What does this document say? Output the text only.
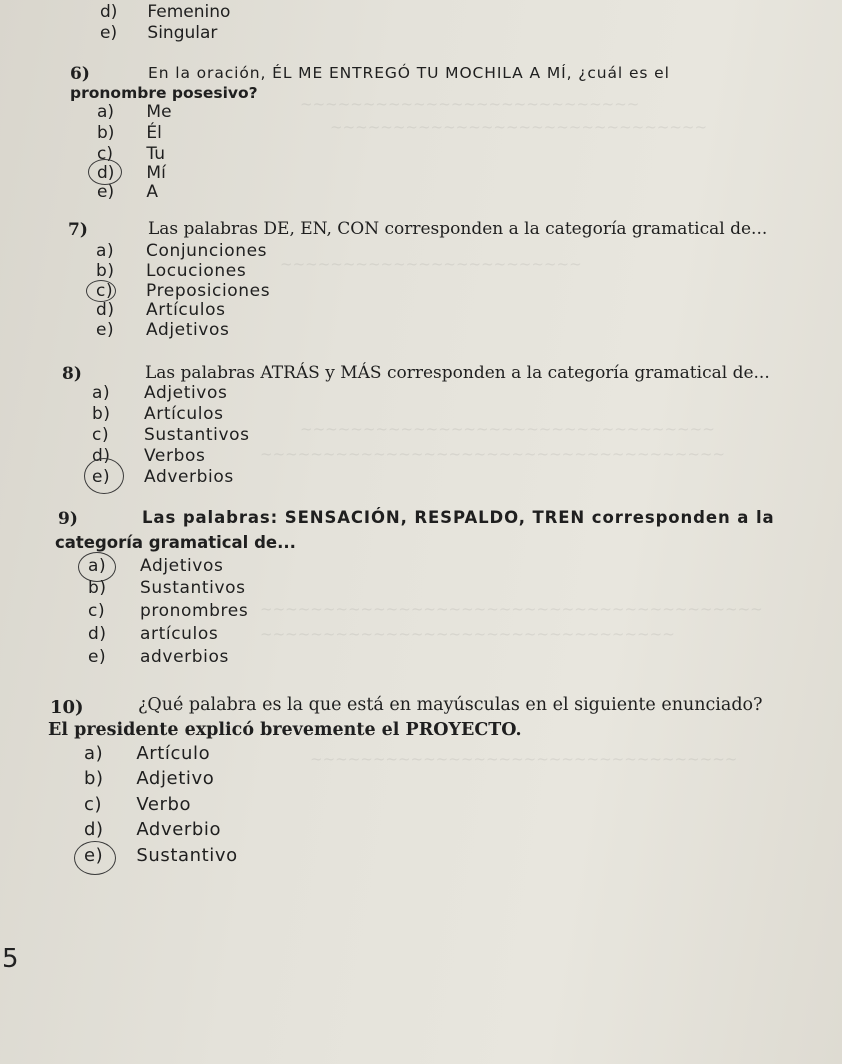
~~~~~~~~~~~~~~~~~~~~~~~~~~~
~~~~~~~~~~~~~~~~~~~~~~~~~~~~~~
~~~~~~~~~~~~~~~~~~~~~~~~
~~~~~~~~~~~~~~~~~~~~~~~~~~~~~~~~~
~~~~~~~~~~~~~~~~~~~~~~~~~~~~~~~~~~~~~
~~~~~~~~~~~~~~~~~~~~~~~~~~~~~~~~~~~~~~~~
~~~~~~~~~~~~~~~~~~~~~~~~~~~~~~~~~
~~~~~~~~~~~~~~~~~~~~~~~~~~~~~~~~~~
d) Femenino
e) Singular
6)	En la oración, ÉL ME ENTREGÓ TU MOCHILA A MÍ, ¿cuál es el
pronombre posesivo?
a) Me
b) Él
c) Tu
d) Mí
e) A
7)	Las palabras DE, EN, CON corresponden a la categoría gramatical de...
a) Conjunciones
b) Locuciones
c) Preposiciones
d) Artículos
e) Adjetivos
8)	Las palabras ATRÁS y MÁS corresponden a la categoría gramatical de...
a) Adjetivos
b) Artículos
c) Sustantivos
d) Verbos
e) Adverbios
9)	Las palabras: SENSACIÓN, RESPALDO, TREN corresponden a la
categoría gramatical de...
a) Adjetivos
b) Sustantivos
c) pronombres
d) artículos
e) adverbios
10)	¿Qué palabra es la que está en mayúsculas en el siguiente enunciado?
El presidente explicó brevemente el PROYECTO.
a) Artículo
b) Adjetivo
c) Verbo
d) Adverbio
e) Sustantivo
5
